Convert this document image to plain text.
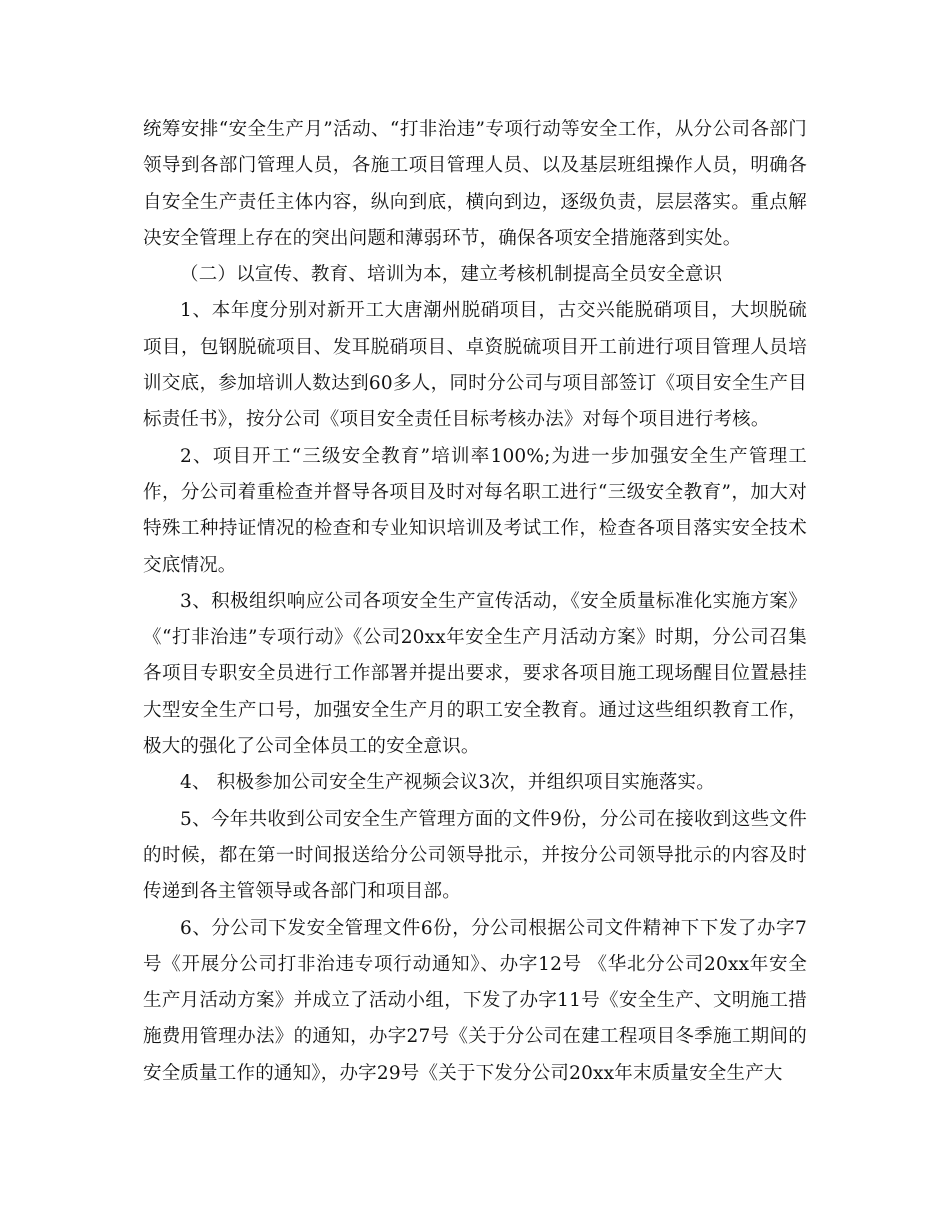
统筹安排“安全生产月”活动、“打非治违”专项行动等安全工作，从分公司各部门领导到各部门管理人员，各施工项目管理人员、以及基层班组操作人员，明确各自安全生产责任主体内容，纵向到底，横向到边，逐级负责，层层落实。重点解决安全管理上存在的突出问题和薄弱环节，确保各项安全措施落到实处。

（二）以宣传、教育、培训为本，建立考核机制提高全员安全意识

1、本年度分别对新开工大唐潮州脱硝项目，古交兴能脱硝项目，大坝脱硫项目，包钢脱硫项目、发耳脱硝项目、卓资脱硫项目开工前进行项目管理人员培训交底，参加培训人数达到60多人，同时分公司与项目部签订《项目安全生产目标责任书》，按分公司《项目安全责任目标考核办法》对每个项目进行考核。

2、项目开工“三级安全教育”培训率100%;为进一步加强安全生产管理工作，分公司着重检查并督导各项目及时对每名职工进行“三级安全教育”，加大对特殊工种持证情况的检查和专业知识培训及考试工作，检查各项目落实安全技术交底情况。

3、积极组织响应公司各项安全生产宣传活动，《安全质量标准化实施方案》《“打非治违”专项行动》《公司20xx年安全生产月活动方案》时期，分公司召集各项目专职安全员进行工作部署并提出要求，要求各项目施工现场醒目位置悬挂大型安全生产口号，加强安全生产月的职工安全教育。通过这些组织教育工作，极大的强化了公司全体员工的安全意识。

4、 积极参加公司安全生产视频会议3次，并组织项目实施落实。

5、今年共收到公司安全生产管理方面的文件9份，分公司在接收到这些文件的时候，都在第一时间报送给分公司领导批示，并按分公司领导批示的内容及时传递到各主管领导或各部门和项目部。

6、分公司下发安全管理文件6份，分公司根据公司文件精神下下发了办字7号《开展分公司打非治违专项行动通知》、办字12号 《华北分公司20xx年安全生产月活动方案》并成立了活动小组，下发了办字11号《安全生产、文明施工措施费用管理办法》的通知，办字27号《关于分公司在建工程项目冬季施工期间的安全质量工作的通知》，办字29号《关于下发分公司20xx年末质量安全生产大
